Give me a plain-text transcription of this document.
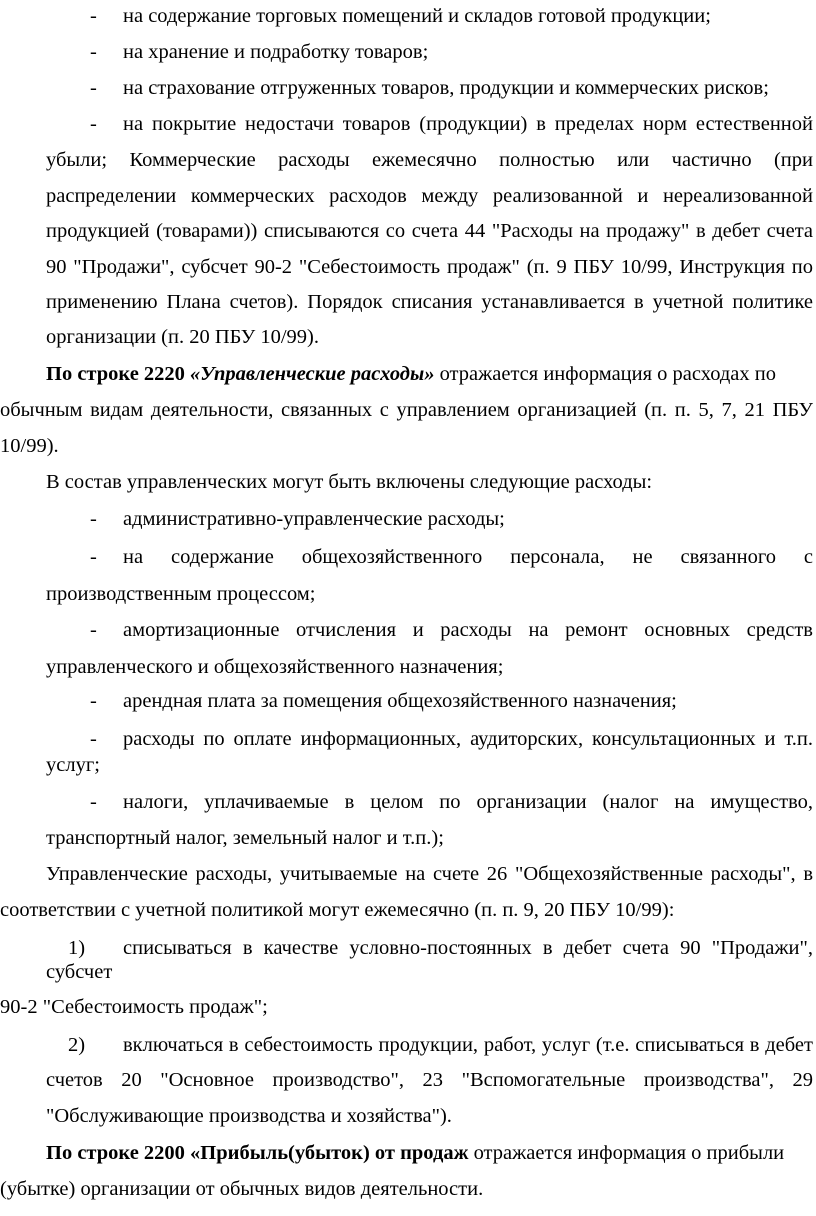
- на содержание торговых помещений и складов готовой продукции;
- на хранение и подработку товаров;
- на страхование отгруженных товаров, продукции и коммерческих рисков;
- на покрытие недостачи товаров (продукции) в пределах норм естественной
убыли; Коммерческие расходы ежемесячно полностью или частично (при
распределении коммерческих расходов между реализованной и нереализованной
продукцией (товарами)) списываются со счета 44 "Расходы на продажу" в дебет счета
90 "Продажи", субсчет 90-2 "Себестоимость продаж" (п. 9 ПБУ 10/99, Инструкция по
применению Плана счетов). Порядок списания устанавливается в учетной политике
организации (п. 20 ПБУ 10/99).
По строке 2220 «Управленческие расходы» отражается информация о расходах по
обычным видам деятельности, связанных с управлением организацией (п. п. 5, 7, 21 ПБУ
10/99).
В состав управленческих могут быть включены следующие расходы:
- административно-управленческие расходы;
- на содержание общехозяйственного персонала, не связанного с
производственным процессом;
- амортизационные отчисления и расходы на ремонт основных средств
управленческого и общехозяйственного назначения;
- арендная плата за помещения общехозяйственного назначения;
- расходы по оплате информационных, аудиторских, консультационных и т.п.
услуг;
- налоги, уплачиваемые в целом по организации (налог на имущество,
транспортный налог, земельный налог и т.п.);
Управленческие расходы, учитываемые на счете 26 "Общехозяйственные расходы", в
соответствии с учетной политикой могут ежемесячно (п. п. 9, 20 ПБУ 10/99):
1) списываться в качестве условно-постоянных в дебет счета 90 "Продажи",
субсчет
90-2 "Себестоимость продаж";
2) включаться в себестоимость продукции, работ, услуг (т.е. списываться в дебет
счетов 20 "Основное производство", 23 "Вспомогательные производства", 29
"Обслуживающие производства и хозяйства").
По строке 2200 «Прибыль(убыток) от продаж отражается информация о прибыли
(убытке) организации от обычных видов деятельности.
